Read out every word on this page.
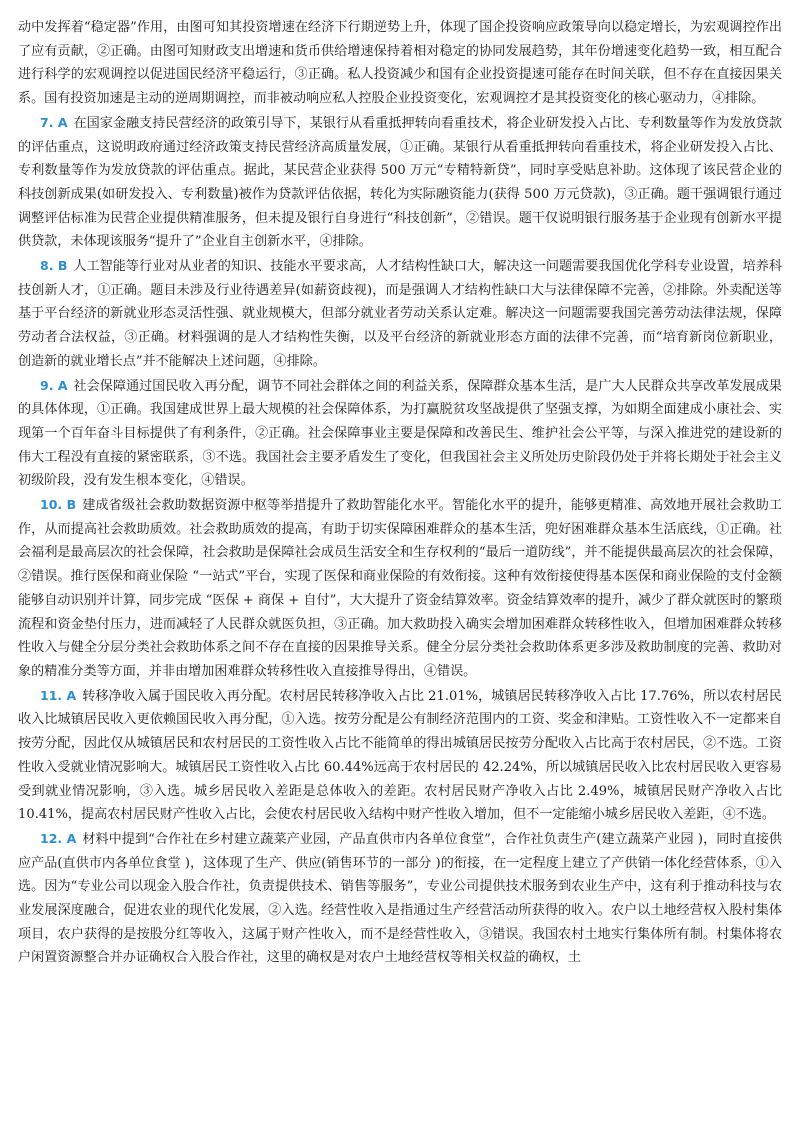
动中发挥着“稳定器”作用，由图可知其投资增速在经济下行期逆势上升，体现了国企投资响应政策导向以稳定增长，为宏观调控作出了应有贡献，②正确。由图可知财政支出增速和货币供给增速保持着相对稳定的协同发展趋势，其年份增速变化趋势一致，相互配合进行科学的宏观调控以促进国民经济平稳运行，③正确。私人投资减少和国有企业投资提速可能存在时间关联，但不存在直接因果关系。国有投资加速是主动的逆周期调控，而非被动响应私人控股企业投资变化，宏观调控才是其投资变化的核心驱动力，④排除。

7. A 在国家金融支持民营经济的政策引导下，某银行从看重抵押转向看重技术，将企业研发投入占比、专利数量等作为发放贷款的评估重点，这说明政府通过经济政策支持民营经济高质量发展，①正确。某银行从看重抵押转向看重技术，将企业研发投入占比、专利数量等作为发放贷款的评估重点。据此，某民营企业获得 500 万元“专精特新贷”，同时享受贴息补助。这体现了该民营企业的科技创新成果(如研发投入、专利数量)被作为贷款评估依据，转化为实际融资能力(获得 500 万元贷款)，③正确。题干强调银行通过调整评估标准为民营企业提供精准服务，但未提及银行自身进行“科技创新”，②错误。题干仅说明银行服务基于企业现有创新水平提供贷款，未体现该服务“提升了”企业自主创新水平，④排除。

8. B 人工智能等行业对从业者的知识、技能水平要求高，人才结构性缺口大，解决这一问题需要我国优化学科专业设置，培养科技创新人才，①正确。题目未涉及行业待遇差异(如薪资歧视)，而是强调人才结构性缺口大与法律保障不完善，②排除。外卖配送等基于平台经济的新就业形态灵活性强、就业规模大，但部分就业者劳动关系认定难。解决这一问题需要我国完善劳动法律法规，保障劳动者合法权益，③正确。材料强调的是人才结构性失衡，以及平台经济的新就业形态方面的法律不完善，而“培育新岗位新职业，创造新的就业增长点”并不能解决上述问题，④排除。

9. A 社会保障通过国民收入再分配，调节不同社会群体之间的利益关系，保障群众基本生活，是广大人民群众共享改革发展成果的具体体现，①正确。我国建成世界上最大规模的社会保障体系，为打赢脱贫攻坚战提供了坚强支撑，为如期全面建成小康社会、实现第一个百年奋斗目标提供了有利条件，②正确。社会保障事业主要是保障和改善民生、维护社会公平等，与深入推进党的建设新的伟大工程没有直接的紧密联系，③不选。我国社会主要矛盾发生了变化，但我国社会主义所处历史阶段仍处于并将长期处于社会主义初级阶段，没有发生根本变化，④错误。

10. B 建成省级社会救助数据资源中枢等举措提升了救助智能化水平。智能化水平的提升，能够更精准、高效地开展社会救助工作，从而提高社会救助质效。社会救助质效的提高，有助于切实保障困难群众的基本生活，兜好困难群众基本生活底线，①正确。社会福利是最高层次的社会保障，社会救助是保障社会成员生活安全和生存权利的“最后一道防线”，并不能提供最高层次的社会保障，②错误。推行医保和商业保险 “一站式”平台，实现了医保和商业保险的有效衔接。这种有效衔接使得基本医保和商业保险的支付金额能够自动识别并计算，同步完成 “医保 + 商保 + 自付”，大大提升了资金结算效率。资金结算效率的提升，减少了群众就医时的繁琐流程和资金垫付压力，进而减轻了人民群众就医负担，③正确。加大救助投入确实会增加困难群众转移性收入，但增加困难群众转移性收入与健全分层分类社会救助体系之间不存在直接的因果推导关系。健全分层分类社会救助体系更多涉及救助制度的完善、救助对象的精准分类等方面，并非由增加困难群众转移性收入直接推导得出，④错误。

11. A 转移净收入属于国民收入再分配。农村居民转移净收入占比 21.01%，城镇居民转移净收入占比 17.76%，所以农村居民收入比城镇居民收入更依赖国民收入再分配，①入选。按劳分配是公有制经济范围内的工资、奖金和津贴。工资性收入不一定都来自按劳分配，因此仅从城镇居民和农村居民的工资性收入占比不能简单的得出城镇居民按劳分配收入占比高于农村居民，②不选。工资性收入受就业情况影响大。城镇居民工资性收入占比 60.44%远高于农村居民的 42.24%，所以城镇居民收入比农村居民收入更容易受到就业情况影响，③入选。城乡居民收入差距是总体收入的差距。农村居民财产净收入占比 2.49%，城镇居民财产净收入占比 10.41%，提高农村居民财产性收入占比，会使农村居民收入结构中财产性收入增加，但不一定能缩小城乡居民收入差距，④不选。

12. A 材料中提到“合作社在乡村建立蔬菜产业园，产品直供市内各单位食堂”，合作社负责生产(建立蔬菜产业园 )，同时直接供应产品(直供市内各单位食堂 )，这体现了生产、供应(销售环节的一部分 )的衔接，在一定程度上建立了产供销一体化经营体系，①入选。因为“专业公司以现金入股合作社，负责提供技术、销售等服务”，专业公司提供技术服务到农业生产中，这有利于推动科技与农业发展深度融合，促进农业的现代化发展，②入选。经营性收入是指通过生产经营活动所获得的收入。农户以土地经营权入股村集体项目，农户获得的是按股分红等收入，这属于财产性收入，而不是经营性收入，③错误。我国农村土地实行集体所有制。村集体将农户闲置资源整合并办证确权合入股合作社，这里的确权是对农户土地经营权等相关权益的确权，土
